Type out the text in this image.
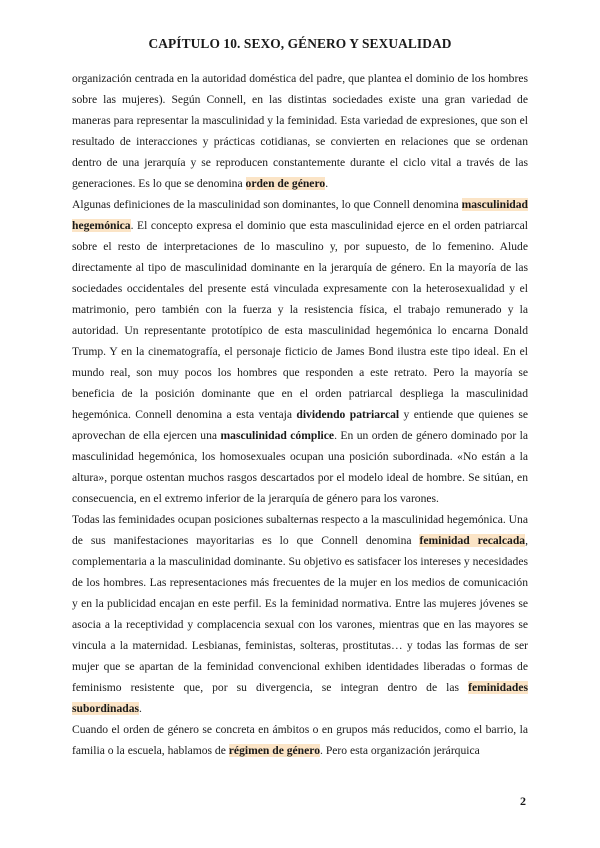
CAPÍTULO 10. SEXO, GÉNERO Y SEXUALIDAD

organización centrada en la autoridad doméstica del padre, que plantea el dominio de los hombres sobre las mujeres). Según Connell, en las distintas sociedades existe una gran variedad de maneras para representar la masculinidad y la feminidad. Esta variedad de expresiones, que son el resultado de interacciones y prácticas cotidianas, se convierten en relaciones que se ordenan dentro de una jerarquía y se reproducen constantemente durante el ciclo vital a través de las generaciones. Es lo que se denomina orden de género.

Algunas definiciones de la masculinidad son dominantes, lo que Connell denomina masculinidad hegemónica. El concepto expresa el dominio que esta masculinidad ejerce en el orden patriarcal sobre el resto de interpretaciones de lo masculino y, por supuesto, de lo femenino. Alude directamente al tipo de masculinidad dominante en la jerarquía de género. En la mayoría de las sociedades occidentales del presente está vinculada expresamente con la heterosexualidad y el matrimonio, pero también con la fuerza y la resistencia física, el trabajo remunerado y la autoridad. Un representante prototípico de esta masculinidad hegemónica lo encarna Donald Trump. Y en la cinematografía, el personaje ficticio de James Bond ilustra este tipo ideal. En el mundo real, son muy pocos los hombres que responden a este retrato. Pero la mayoría se beneficia de la posición dominante que en el orden patriarcal despliega la masculinidad hegemónica. Connell denomina a esta ventaja dividendo patriarcal y entiende que quienes se aprovechan de ella ejercen una masculinidad cómplice. En un orden de género dominado por la masculinidad hegemónica, los homosexuales ocupan una posición subordinada. «No están a la altura», porque ostentan muchos rasgos descartados por el modelo ideal de hombre. Se sitúan, en consecuencia, en el extremo inferior de la jerarquía de género para los varones.

Todas las feminidades ocupan posiciones subalternas respecto a la masculinidad hegemónica. Una de sus manifestaciones mayoritarias es lo que Connell denomina feminidad recalcada, complementaria a la masculinidad dominante. Su objetivo es satisfacer los intereses y necesidades de los hombres. Las representaciones más frecuentes de la mujer en los medios de comunicación y en la publicidad encajan en este perfil. Es la feminidad normativa. Entre las mujeres jóvenes se asocia a la receptividad y complacencia sexual con los varones, mientras que en las mayores se vincula a la maternidad. Lesbianas, feministas, solteras, prostitutas… y todas las formas de ser mujer que se apartan de la feminidad convencional exhiben identidades liberadas o formas de feminismo resistente que, por su divergencia, se integran dentro de las feminidades subordinadas.

Cuando el orden de género se concreta en ámbitos o en grupos más reducidos, como el barrio, la familia o la escuela, hablamos de régimen de género. Pero esta organización jerárquica

2
